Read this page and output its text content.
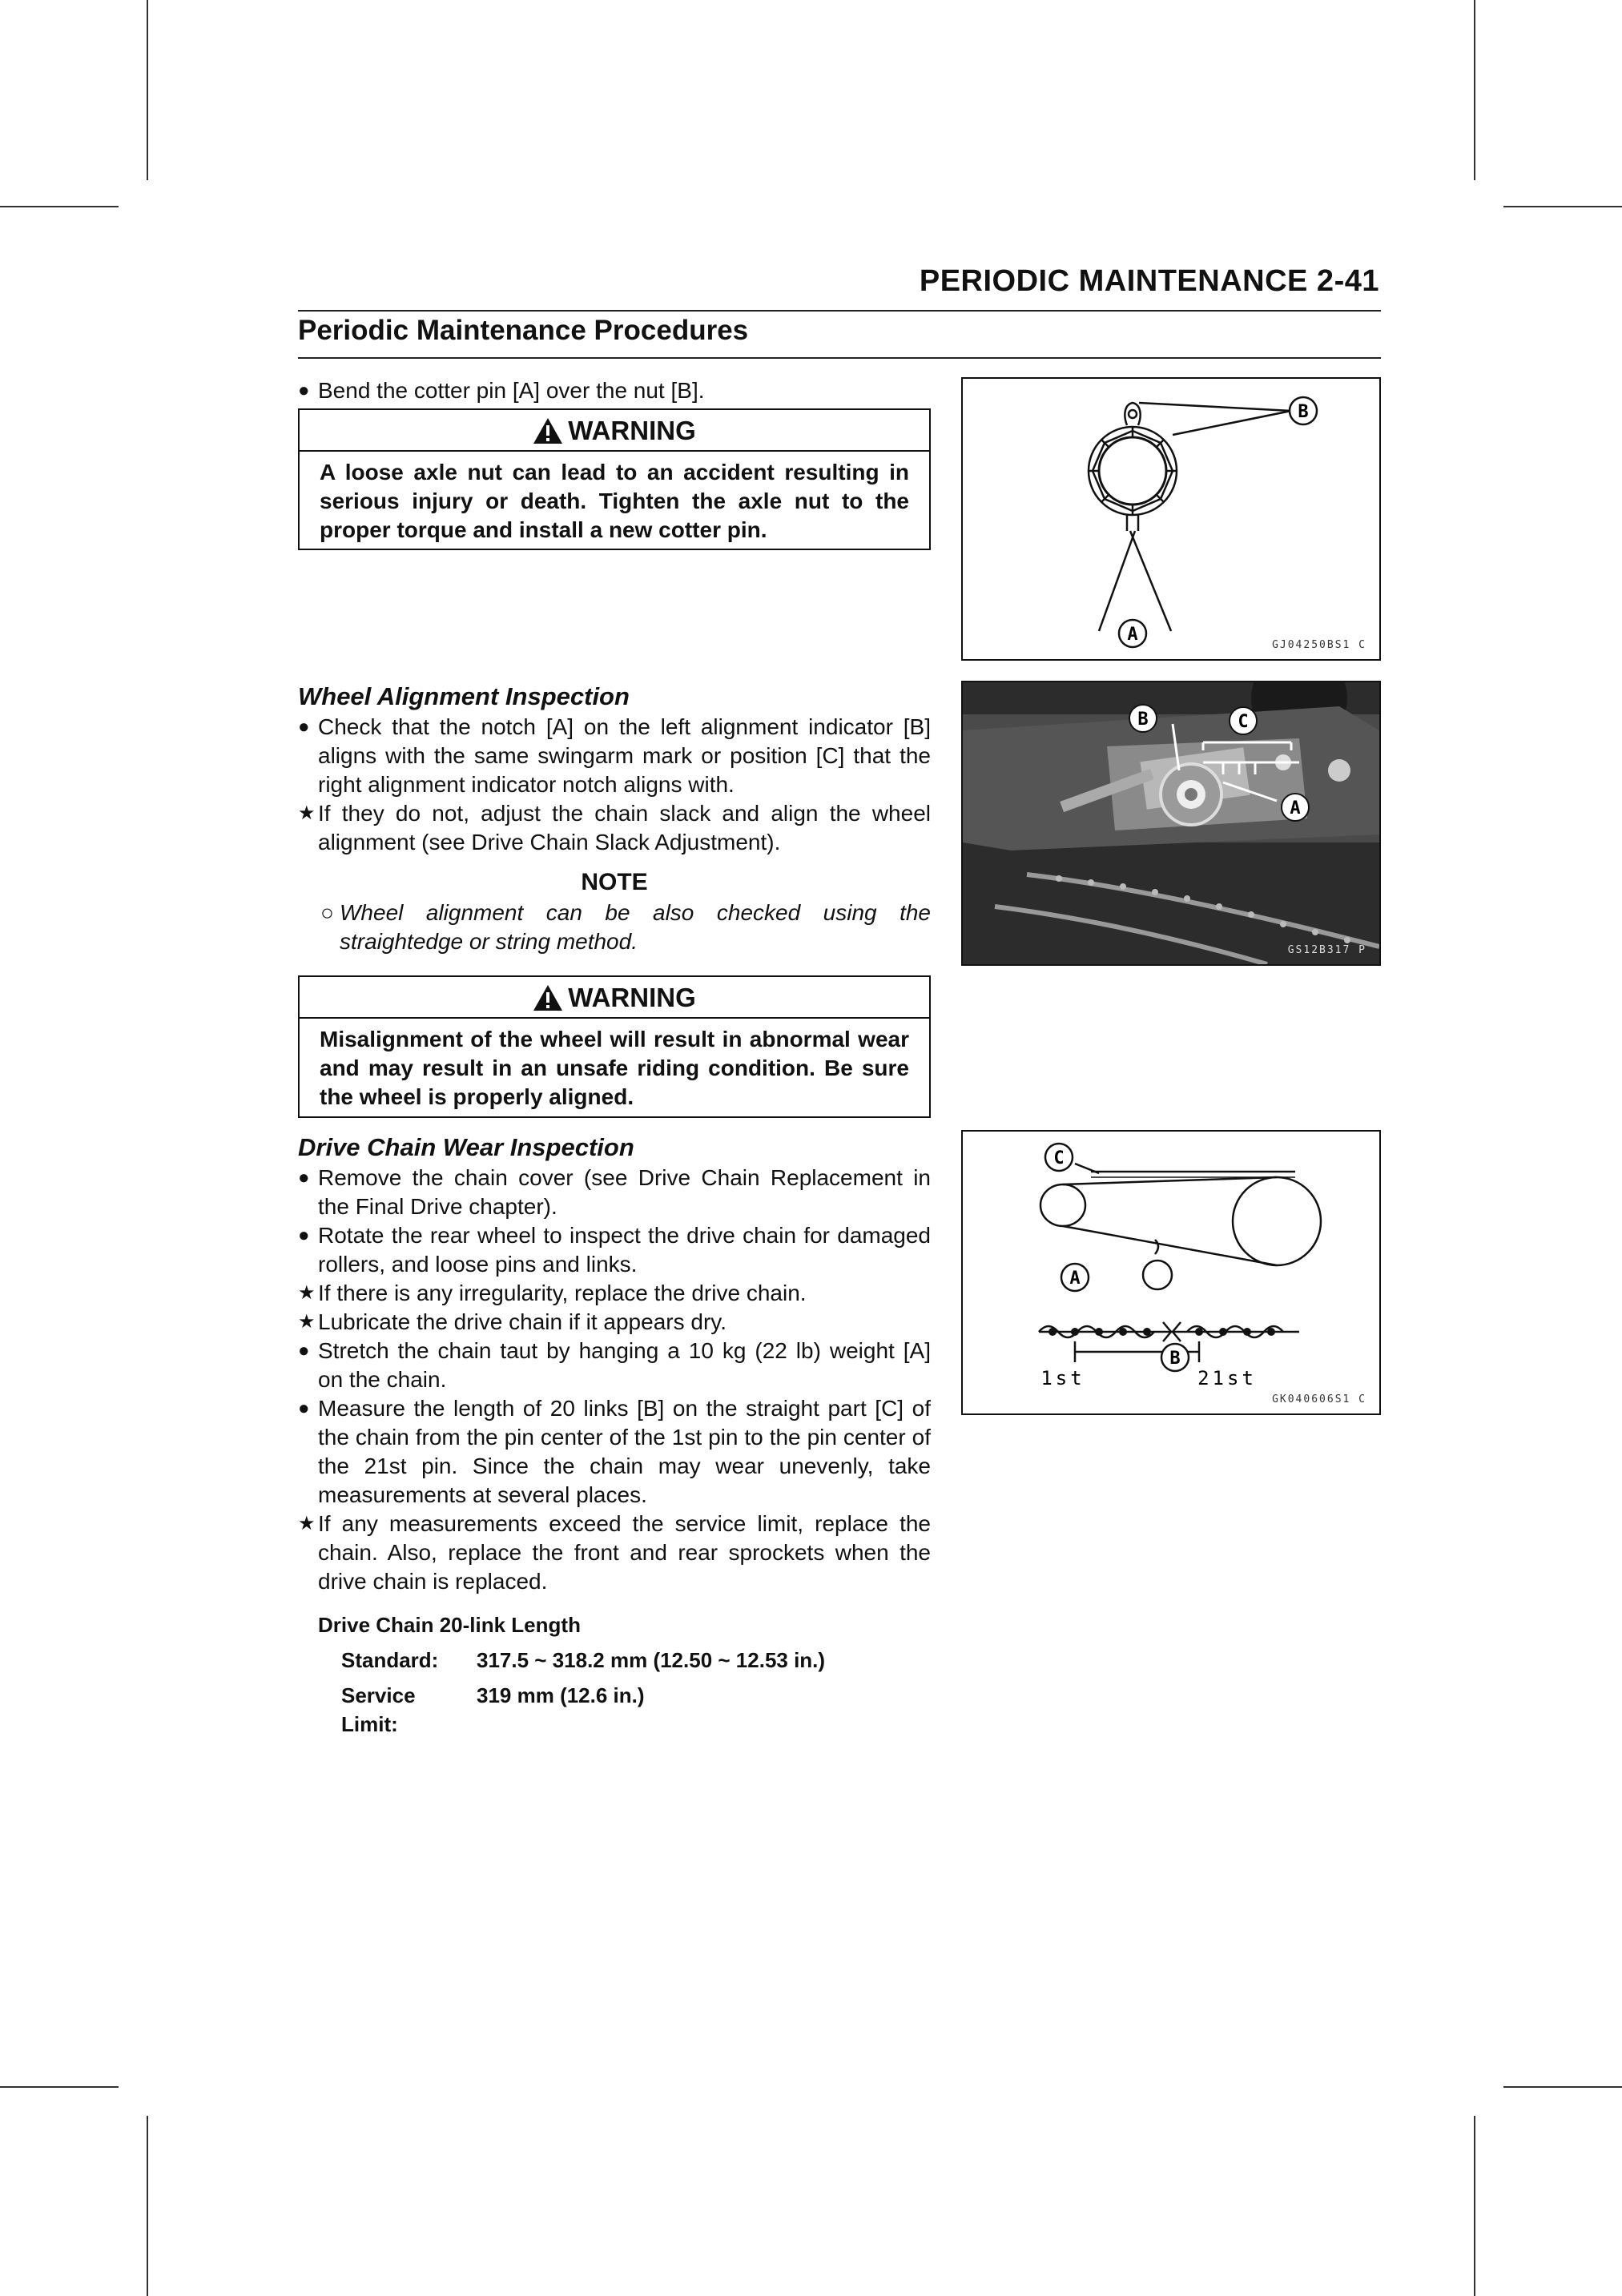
PERIODIC MAINTENANCE 2-41
Periodic Maintenance Procedures
● Bend the cotter pin [A] over the nut [B].
WARNING
A loose axle nut can lead to an accident resulting in serious injury or death. Tighten the axle nut to the proper torque and install a new cotter pin.
B
A
GJ04250BS1 C
Wheel Alignment Inspection
● Check that the notch [A] on the left alignment indicator [B] aligns with the same swingarm mark or position [C] that the right alignment indicator notch aligns with.
★ If they do not, adjust the chain slack and align the wheel alignment (see Drive Chain Slack Adjustment).
NOTE
○ Wheel alignment can be also checked using the straightedge or string method.
B	C
A
GS12B317 P
WARNING
Misalignment of the wheel will result in abnormal wear and may result in an unsafe riding condition. Be sure the wheel is properly aligned.
Drive Chain Wear Inspection
● Remove the chain cover (see Drive Chain Replacement in the Final Drive chapter).
● Rotate the rear wheel to inspect the drive chain for damaged rollers, and loose pins and links.
★ If there is any irregularity, replace the drive chain.
★ Lubricate the drive chain if it appears dry.
● Stretch the chain taut by hanging a 10 kg (22 lb) weight [A] on the chain.
● Measure the length of 20 links [B] on the straight part [C] of the chain from the pin center of the 1st pin to the pin center of the 21st pin. Since the chain may wear unevenly, take measurements at several places.
★ If any measurements exceed the service limit, replace the chain. Also, replace the front and rear sprockets when the drive chain is replaced.
Drive Chain 20-link Length
Standard:	317.5 ~ 318.2 mm (12.50 ~ 12.53 in.)
Service Limit:
319 mm (12.6 in.)
C
A
B
1st	21st
GK040606S1 C
